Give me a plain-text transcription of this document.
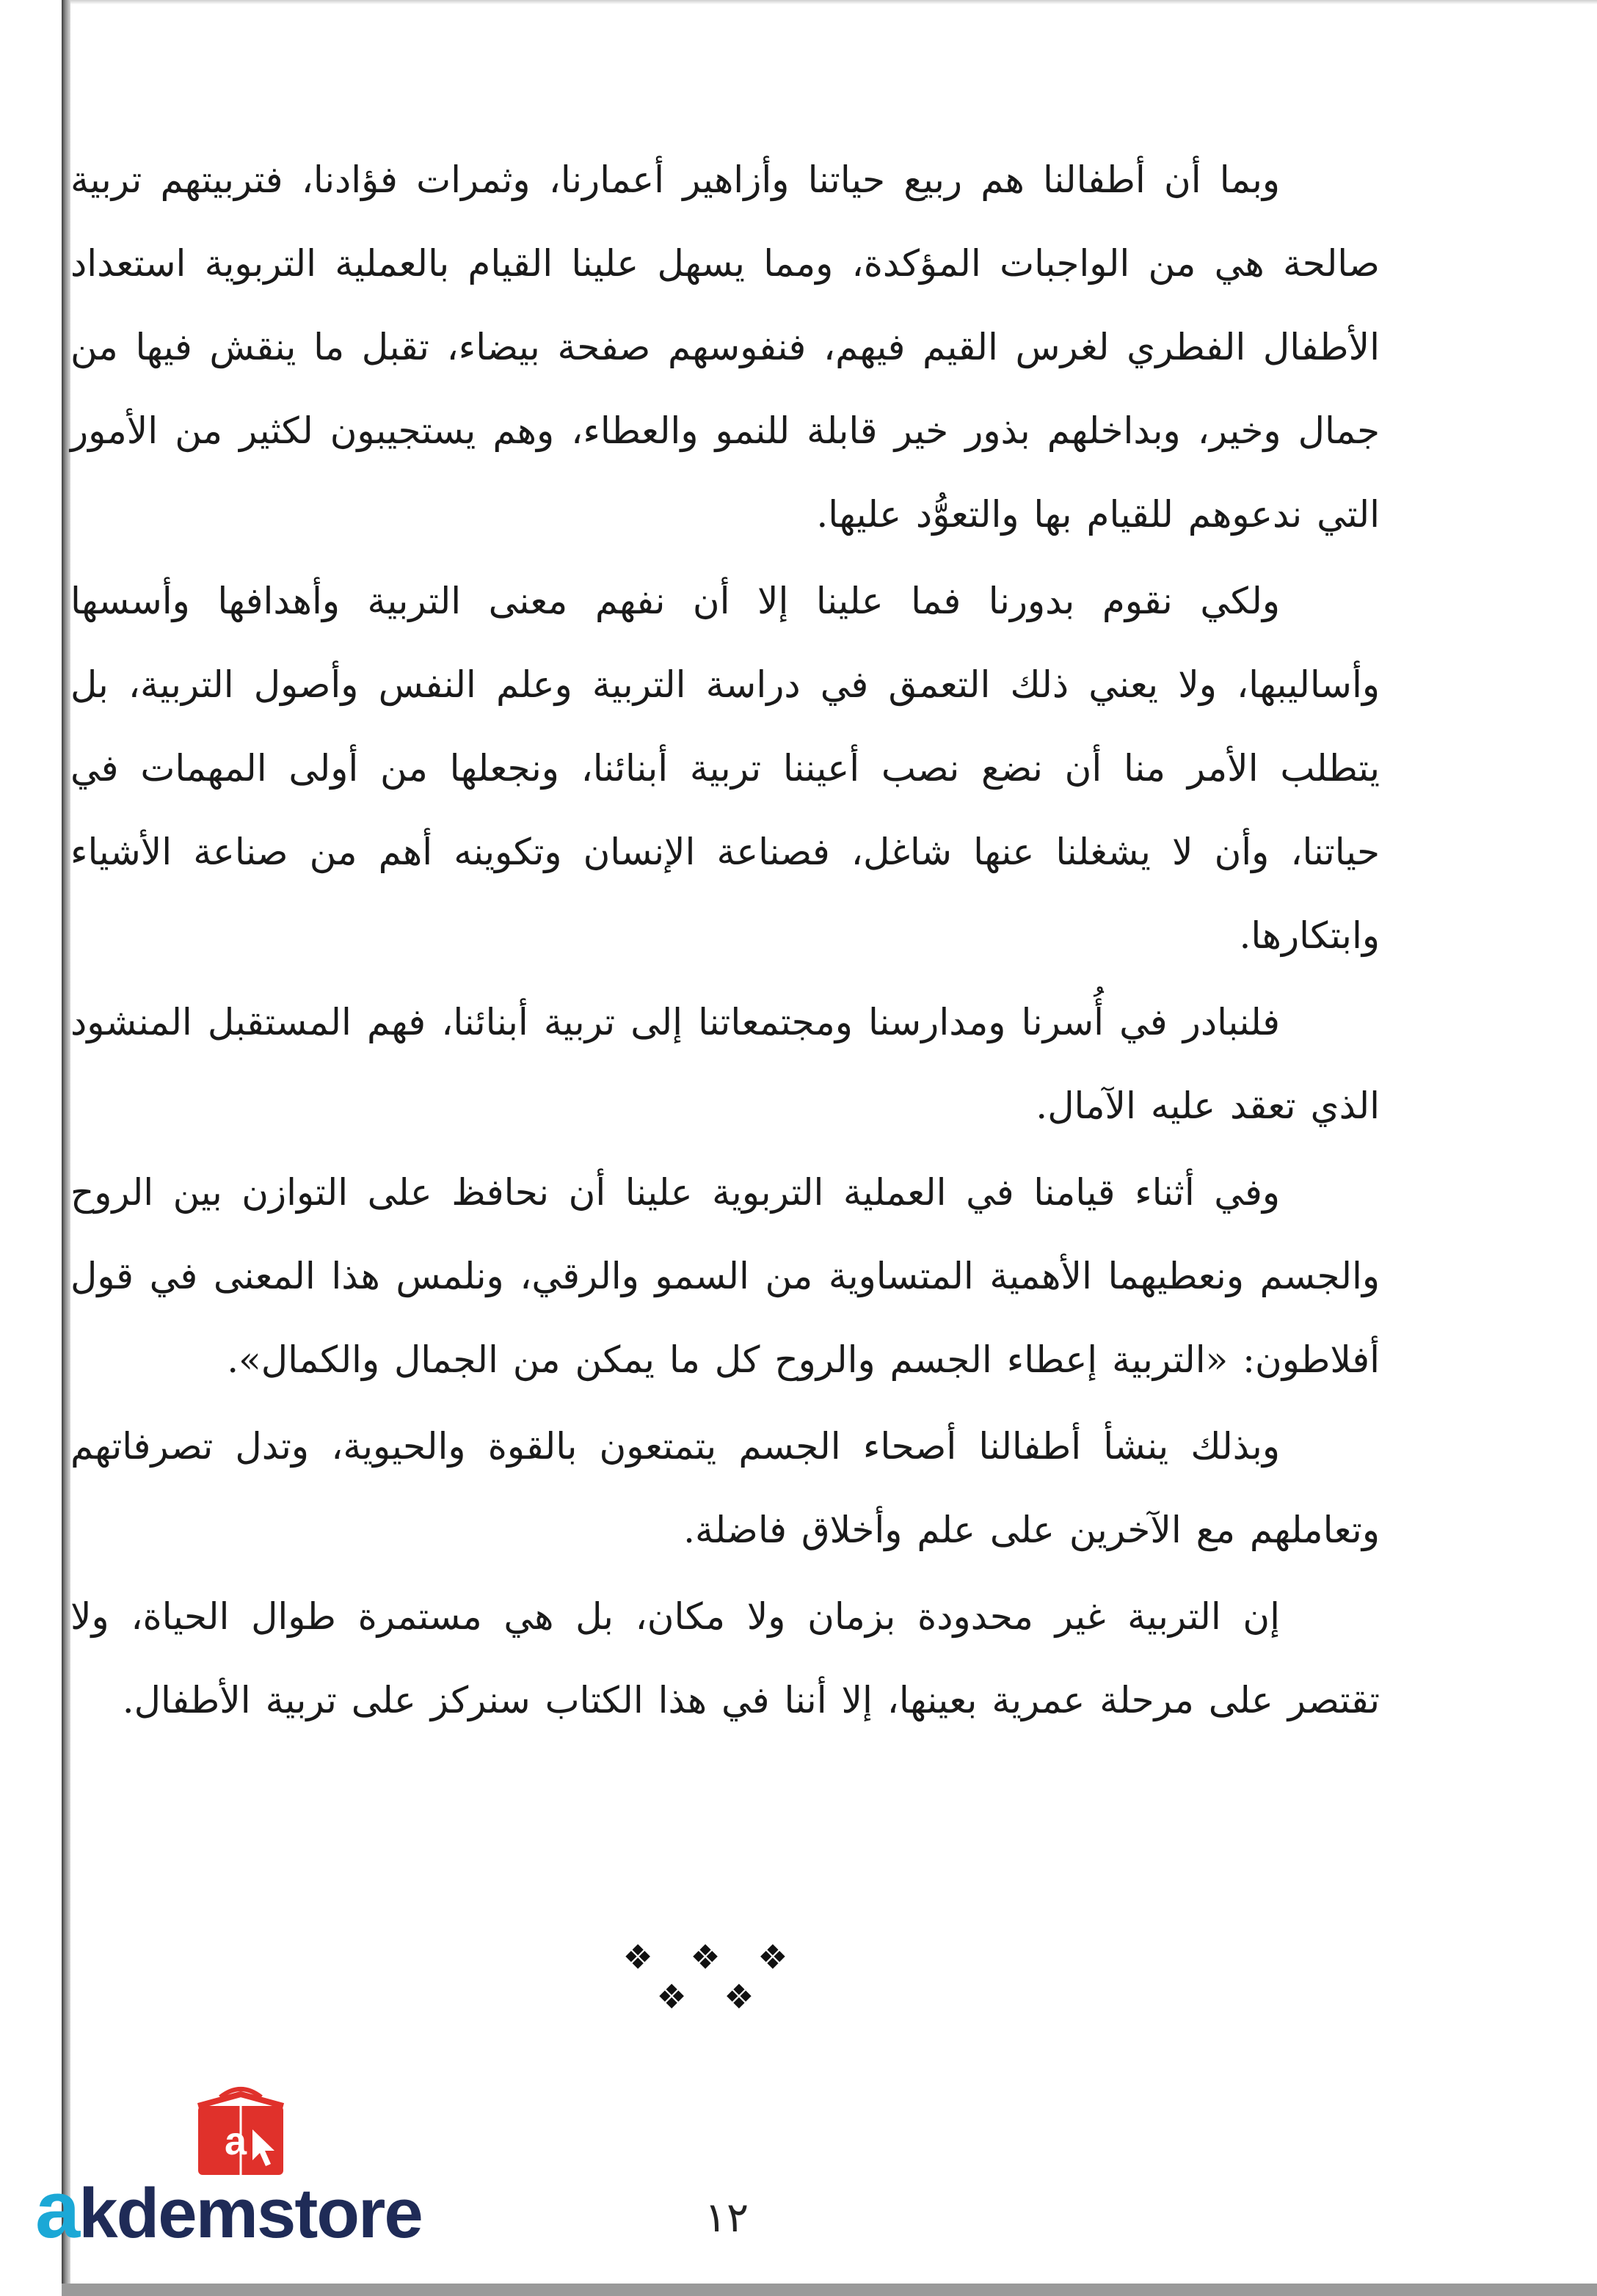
وبما أن أطفالنا هم ربيع حياتنا وأزاهير أعمارنا، وثمرات فؤادنا، فتربيتهم تربية صالحة هي من الواجبات المؤكدة، ومما يسهل علينا القيام بالعملية التربوية استعداد الأطفال الفطري لغرس القيم فيهم، فنفوسهم صفحة بيضاء، تقبل ما ينقش فيها من جمال وخير، وبداخلهم بذور خير قابلة للنمو والعطاء، وهم يستجيبون لكثير من الأمور التي ندعوهم للقيام بها والتعوُّد عليها.

ولكي نقوم بدورنا فما علينا إلا أن نفهم معنى التربية وأهدافها وأسسها وأساليبها، ولا يعني ذلك التعمق في دراسة التربية وعلم النفس وأصول التربية، بل يتطلب الأمر منا أن نضع نصب أعيننا تربية أبنائنا، ونجعلها من أولى المهمات في حياتنا، وأن لا يشغلنا عنها شاغل، فصناعة الإنسان وتكوينه أهم من صناعة الأشياء وابتكارها.

فلنبادر في أُسرنا ومدارسنا ومجتمعاتنا إلى تربية أبنائنا، فهم المستقبل المنشود الذي تعقد عليه الآمال.

وفي أثناء قيامنا في العملية التربوية علينا أن نحافظ على التوازن بين الروح والجسم ونعطيهما الأهمية المتساوية من السمو والرقي، ونلمس هذا المعنى في قول أفلاطون: «التربية إعطاء الجسم والروح كل ما يمكن من الجمال والكمال».

وبذلك ينشأ أطفالنا أصحاء الجسم يتمتعون بالقوة والحيوية، وتدل تصرفاتهم وتعاملهم مع الآخرين على علم وأخلاق فاضلة.

إن التربية غير محدودة بزمان ولا مكان، بل هي مستمرة طوال الحياة، ولا تقتصر على مرحلة عمرية بعينها، إلا أننا في هذا الكتاب سنركز على تربية الأطفال.

❖ ❖ ❖ ❖ ❖
١٢
a
akdemstore
